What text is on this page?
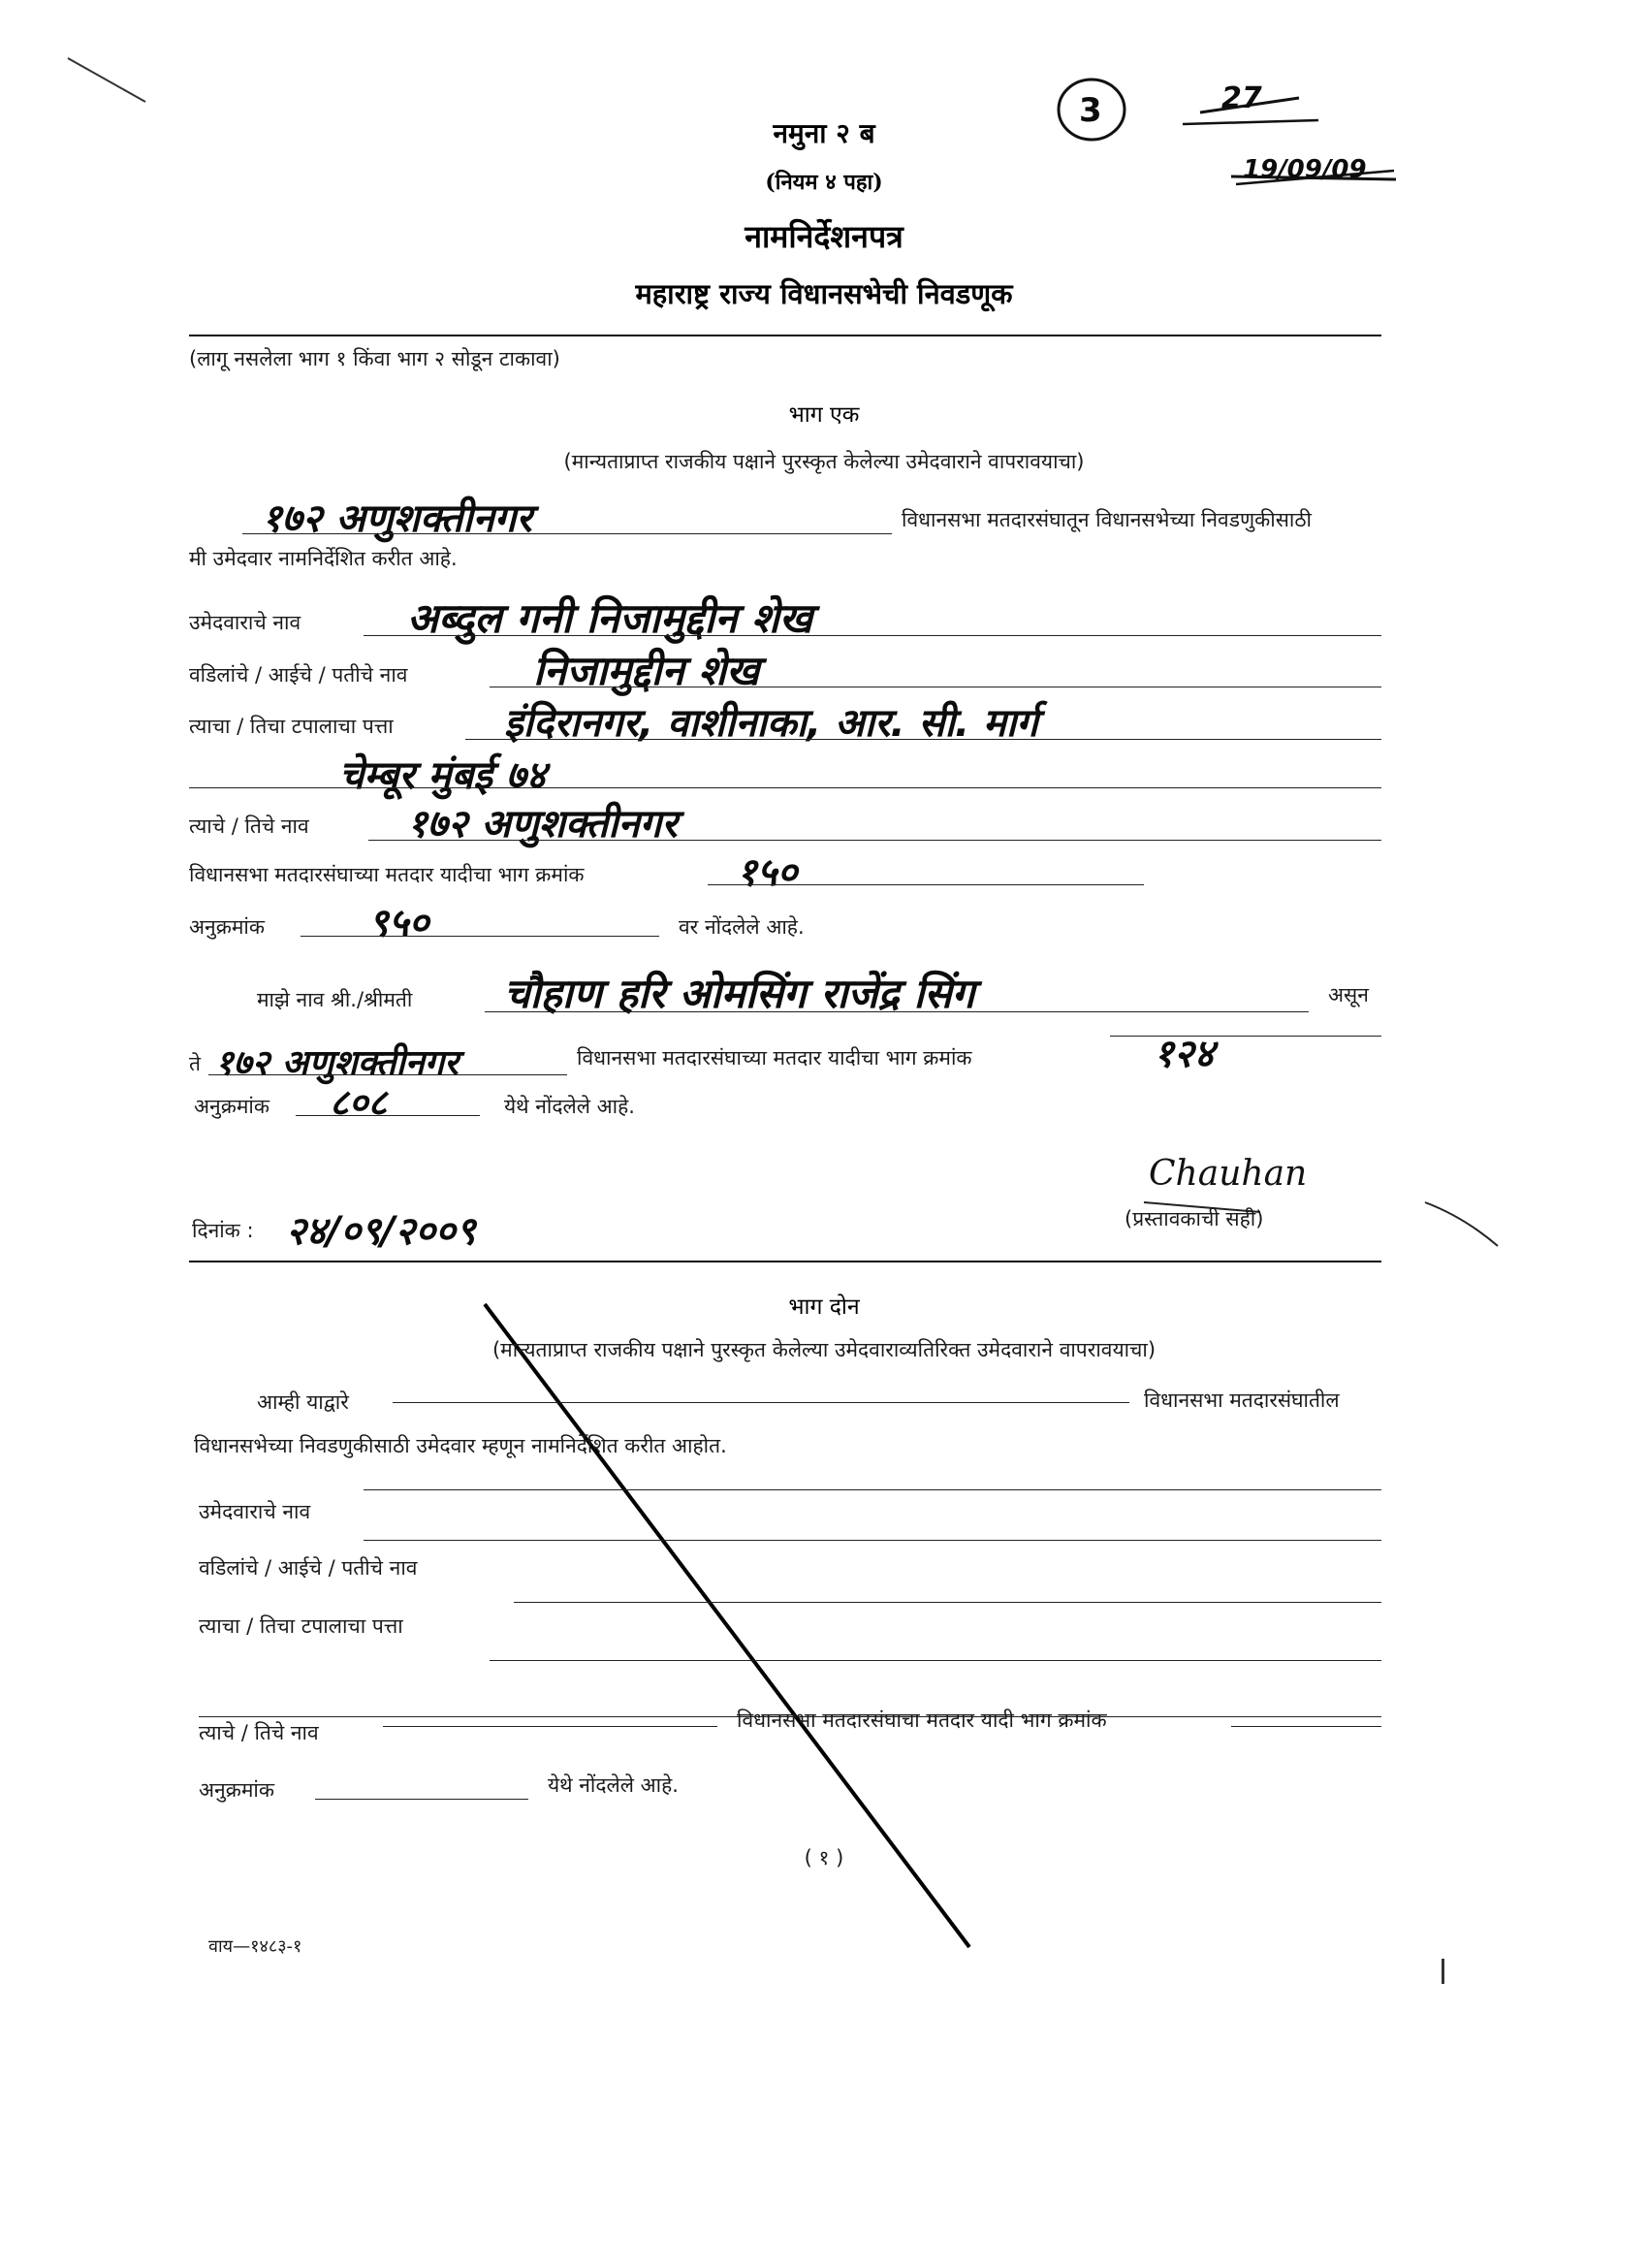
3	27
19/09/09
नमुना २ ब
(नियम ४ पहा)
नामनिर्देशनपत्र
महाराष्ट्र राज्य विधानसभेची निवडणूक
(लागू नसलेला भाग १ किंवा भाग २ सोडून टाकावा)
भाग एक
(मान्यताप्राप्त राजकीय पक्षाने पुरस्कृत केलेल्या उमेदवाराने वापरावयाचा)
१७२ अणुशक्तीनगर	विधानसभा मतदारसंघातून विधानसभेच्या निवडणुकीसाठी
मी उमेदवार नामनिर्देशित करीत आहे.
उमेदवाराचे नाव	अब्दुल गनी निजामुद्दीन शेख
वडिलांचे / आईचे / पतीचे नाव	निजामुद्दीन शेख
त्याचा / तिचा टपालाचा पत्ता	इंदिरानगर, वाशीनाका, आर. सी. मार्ग
चेम्बूर मुंबई ७४
त्याचे / तिचे नाव	१७२ अणुशक्तीनगर
विधानसभा मतदारसंघाच्या मतदार यादीचा भाग क्रमांक	१५०
अनुक्रमांक	९५०	वर नोंदलेले आहे.
माझे नाव श्री./श्रीमती चौहाण हरि ओमसिंग राजेंद्र सिंग	असून
ते १७२ अणुशक्तीनगर	विधानसभा मतदारसंघाच्या मतदार यादीचा भाग क्रमांक	१२४
अनुक्रमांक ८०८	येथे नोंदलेले आहे.
Chauhan
(प्रस्तावकाची सही)
दिनांक : २४/०९/२००९
भाग दोन
(मान्यताप्राप्त राजकीय पक्षाने पुरस्कृत केलेल्या उमेदवाराव्यतिरिक्त उमेदवाराने वापरावयाचा)
आम्ही याद्वारे	विधानसभा मतदारसंघातील
विधानसभेच्या निवडणुकीसाठी उमेदवार म्हणून नामनिर्देशित करीत आहोत.
उमेदवाराचे नाव
वडिलांचे / आईचे / पतीचे नाव
त्याचा / तिचा टपालाचा पत्ता
त्याचे / तिचे नाव
विधानसभा मतदारसंघाचा मतदार यादी भाग क्रमांक
अनुक्रमांक	येथे नोंदलेले आहे.
( १ )
वाय—१४८३-१
